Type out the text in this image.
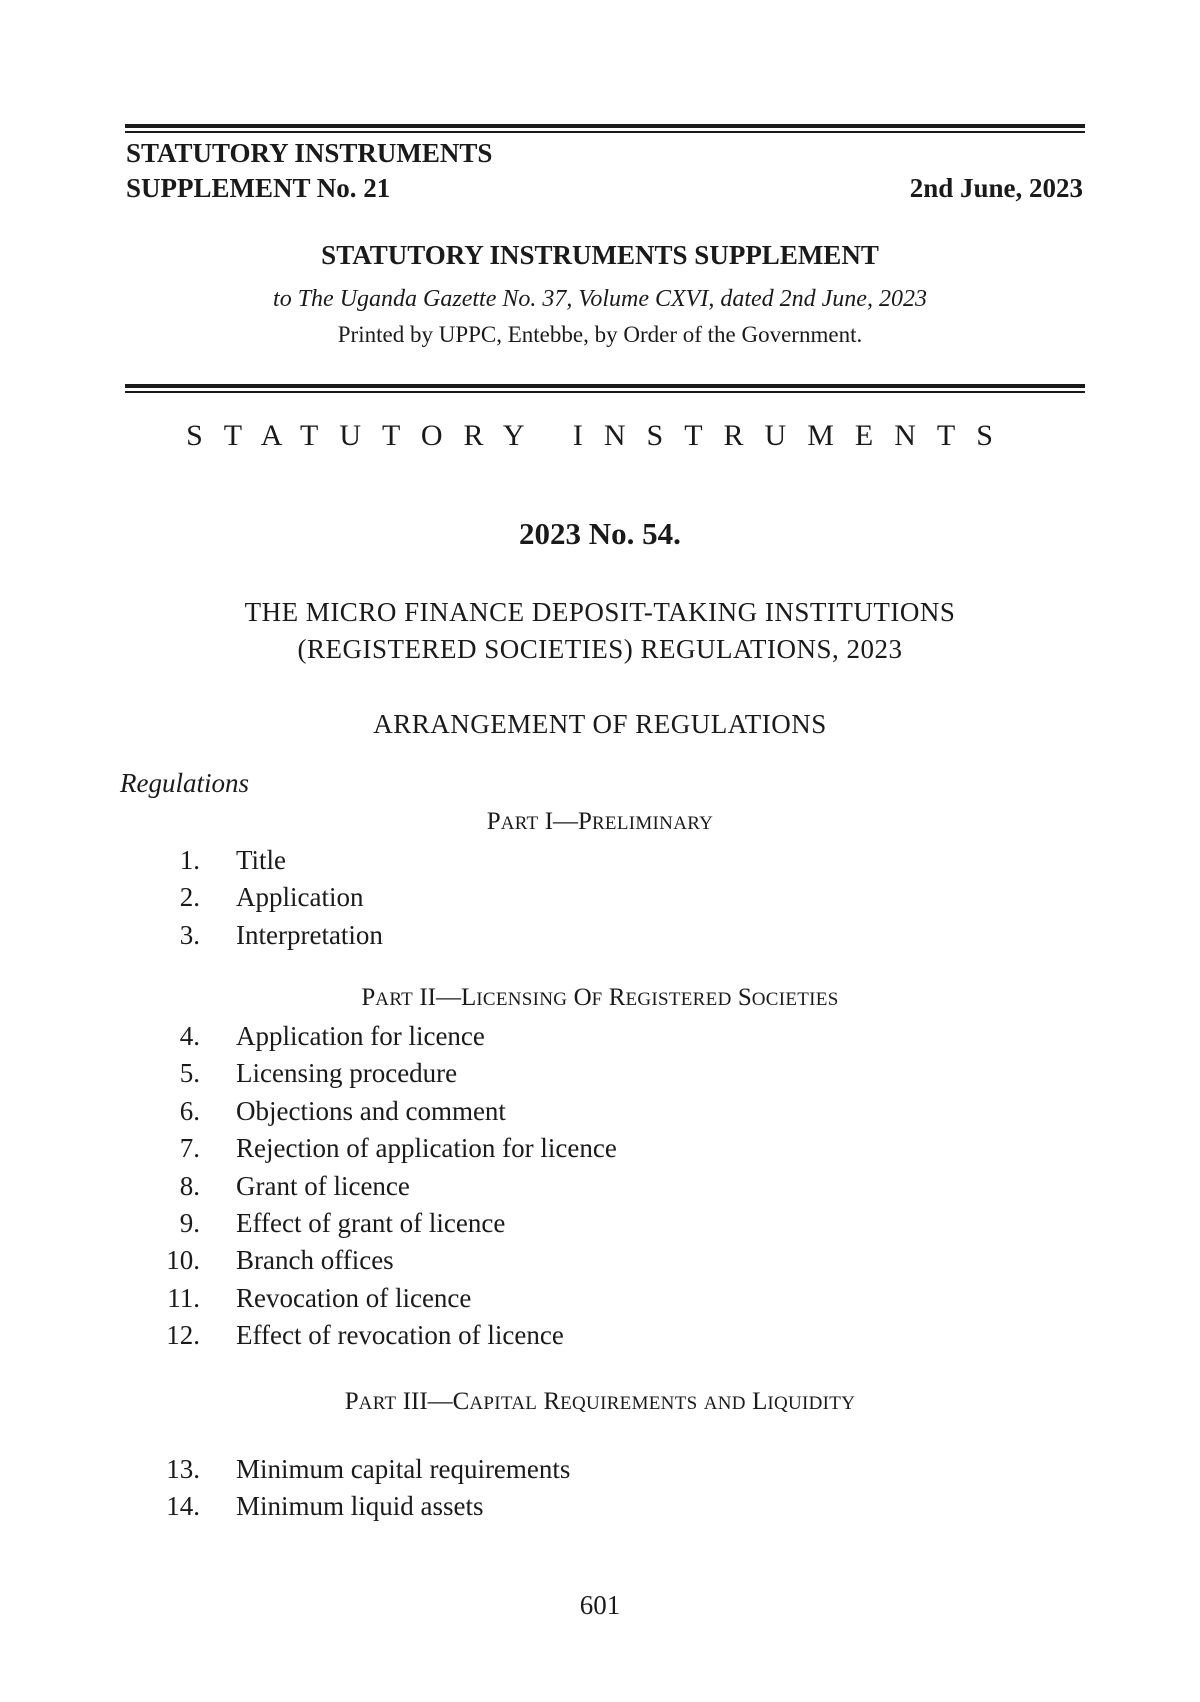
STATUTORY INSTRUMENTS
SUPPLEMENT No. 21	2nd June, 2023
STATUTORY INSTRUMENTS SUPPLEMENT
to The Uganda Gazette No. 37, Volume CXVI, dated 2nd June, 2023
Printed by UPPC, Entebbe, by Order of the Government.
STATUTORY INSTRUMENTS
2023 No. 54.
THE MICRO FINANCE DEPOSIT-TAKING INSTITUTIONS
(REGISTERED SOCIETIES) REGULATIONS, 2023
ARRANGEMENT OF REGULATIONS
Regulations
PART I—PRELIMINARY
1. Title
2. Application
3. Interpretation
PART II—LICENSING OF REGISTERED SOCIETIES
4. Application for licence
5. Licensing procedure
6. Objections and comment
7. Rejection of application for licence
8. Grant of licence
9. Effect of grant of licence
10. Branch offices
11. Revocation of licence
12. Effect of revocation of licence
PART III—CAPITAL REQUIREMENTS AND LIQUIDITY
13. Minimum capital requirements
14. Minimum liquid assets
601
